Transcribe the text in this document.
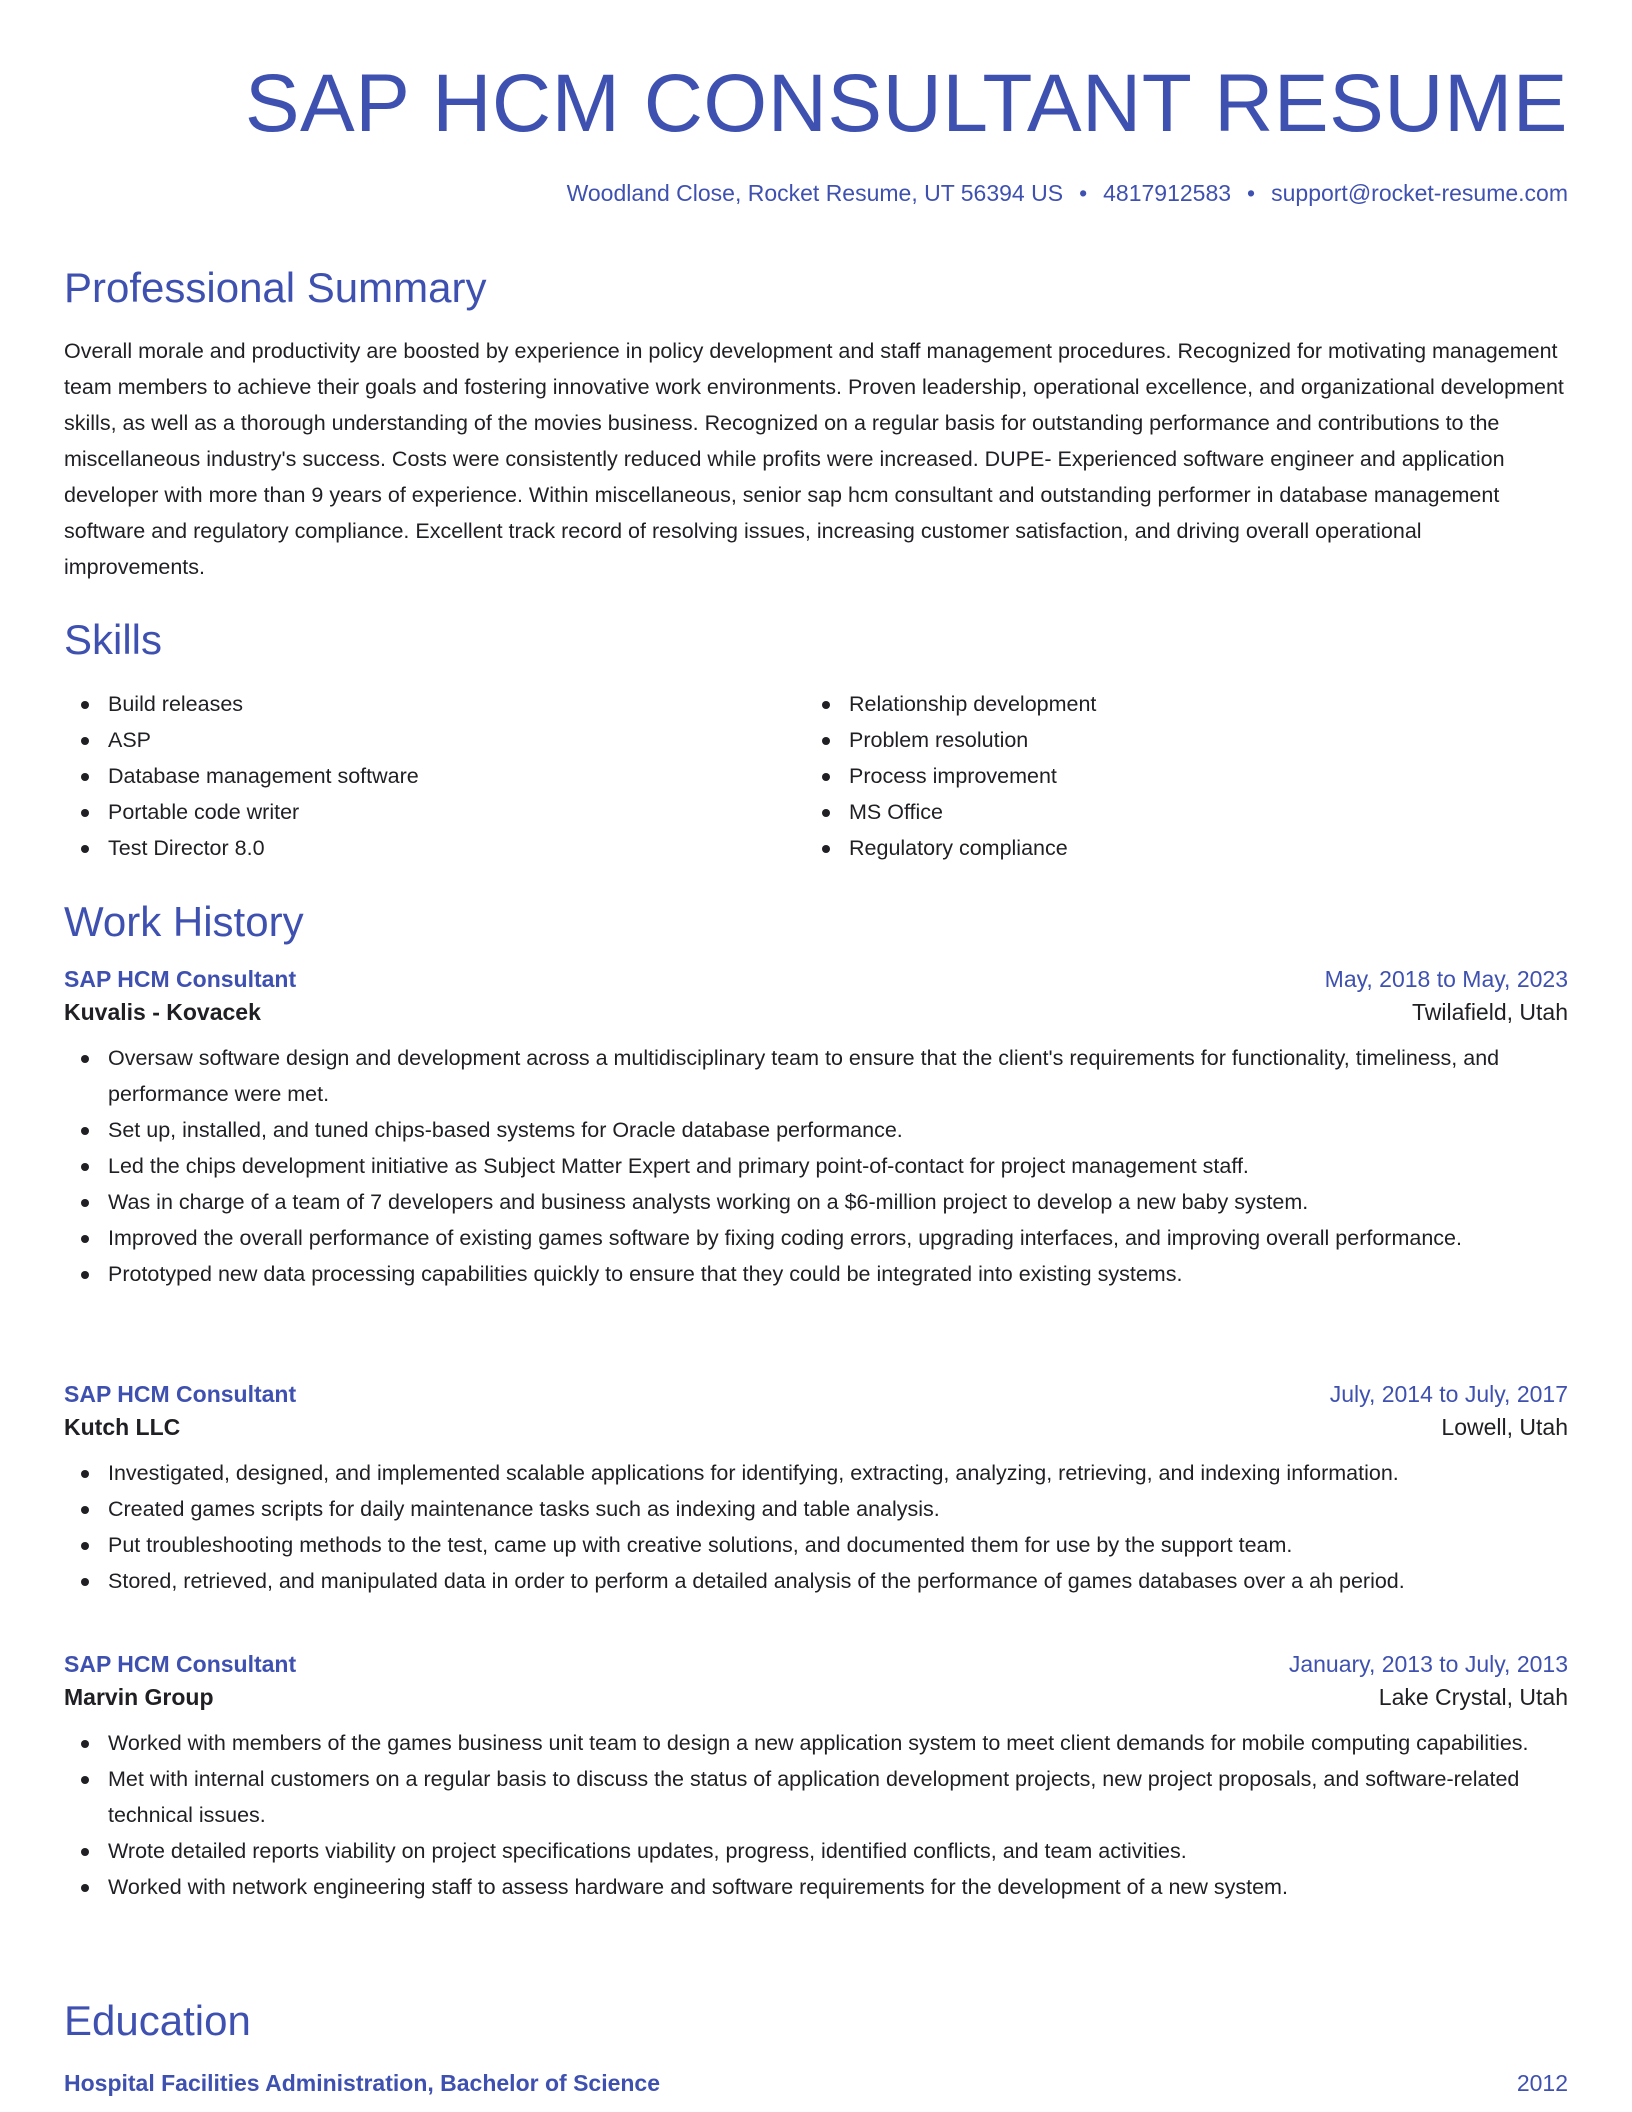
SAP HCM CONSULTANT RESUME
Woodland Close, Rocket Resume, UT 56394 US • 4817912583 • support@rocket-resume.com
Professional Summary

Overall morale and productivity are boosted by experience in policy development and staff management procedures. Recognized for motivating management team members to achieve their goals and fostering innovative work environments. Proven leadership, operational excellence, and organizational development skills, as well as a thorough understanding of the movies business. Recognized on a regular basis for outstanding performance and contributions to the miscellaneous industry's success. Costs were consistently reduced while profits were increased. DUPE- Experienced software engineer and application developer with more than 9 years of experience. Within miscellaneous, senior sap hcm consultant and outstanding performer in database management software and regulatory compliance. Excellent track record of resolving issues, increasing customer satisfaction, and driving overall operational improvements.

Skills
Build releases
ASP
Database management software
Portable code writer
Test Director 8.0
Relationship development
Problem resolution
Process improvement
MS Office
Regulatory compliance
Work History
SAP HCM Consultant	May, 2018 to May, 2023
Kuvalis - Kovacek	Twilafield, Utah
Oversaw software design and development across a multidisciplinary team to ensure that the client's requirements for functionality, timeliness, and performance were met.
Set up, installed, and tuned chips-based systems for Oracle database performance.
Led the chips development initiative as Subject Matter Expert and primary point-of-contact for project management staff.
Was in charge of a team of 7 developers and business analysts working on a $6-million project to develop a new baby system.
Improved the overall performance of existing games software by fixing coding errors, upgrading interfaces, and improving overall performance.
Prototyped new data processing capabilities quickly to ensure that they could be integrated into existing systems.
SAP HCM Consultant	July, 2014 to July, 2017
Kutch LLC	Lowell, Utah
Investigated, designed, and implemented scalable applications for identifying, extracting, analyzing, retrieving, and indexing information.
Created games scripts for daily maintenance tasks such as indexing and table analysis.
Put troubleshooting methods to the test, came up with creative solutions, and documented them for use by the support team.
Stored, retrieved, and manipulated data in order to perform a detailed analysis of the performance of games databases over a ah period.
SAP HCM Consultant	January, 2013 to July, 2013
Marvin Group	Lake Crystal, Utah
Worked with members of the games business unit team to design a new application system to meet client demands for mobile computing capabilities.
Met with internal customers on a regular basis to discuss the status of application development projects, new project proposals, and software-related technical issues.
Wrote detailed reports viability on project specifications updates, progress, identified conflicts, and team activities.
Worked with network engineering staff to assess hardware and software requirements for the development of a new system.
Education
Hospital Facilities Administration, Bachelor of Science	2012
